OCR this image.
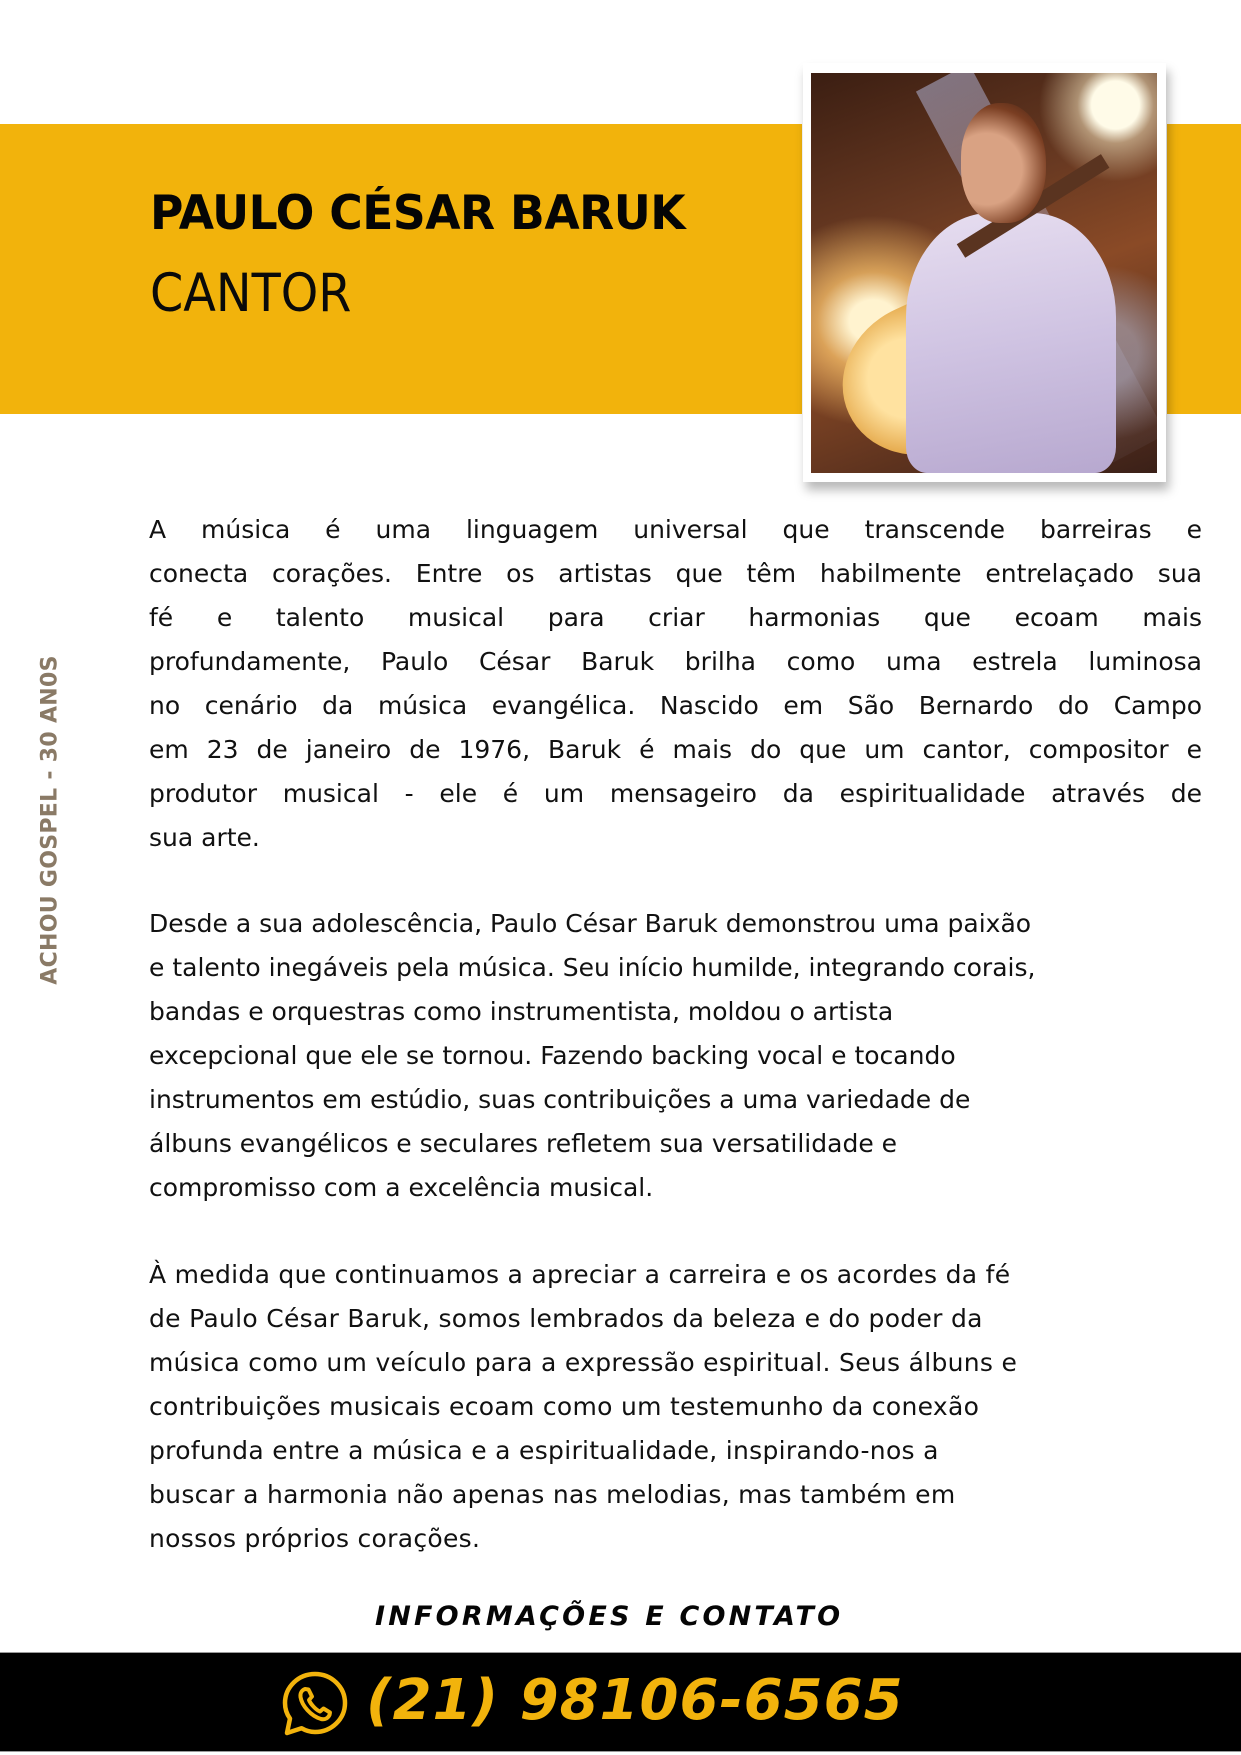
PAULO CÉSAR BARUK
CANTOR
ACHOU GOSPEL - 30 AN0S
A música é uma linguagem universal que transcende barreiras e
conecta corações. Entre os artistas que têm habilmente entrelaçado sua
fé e talento musical para criar harmonias que ecoam mais
profundamente, Paulo César Baruk brilha como uma estrela luminosa
no cenário da música evangélica. Nascido em São Bernardo do Campo
em 23 de janeiro de 1976, Baruk é mais do que um cantor, compositor e
produtor musical - ele é um mensageiro da espiritualidade através de
sua arte.
Desde a sua adolescência, Paulo César Baruk demonstrou uma paixão
e talento inegáveis pela música. Seu início humilde, integrando corais,
bandas e orquestras como instrumentista, moldou o artista
excepcional que ele se tornou. Fazendo backing vocal e tocando
instrumentos em estúdio, suas contribuições a uma variedade de
álbuns evangélicos e seculares refletem sua versatilidade e
compromisso com a excelência musical.
À medida que continuamos a apreciar a carreira e os acordes da fé
de Paulo César Baruk, somos lembrados da beleza e do poder da
música como um veículo para a expressão espiritual. Seus álbuns e
contribuições musicais ecoam como um testemunho da conexão
profunda entre a música e a espiritualidade, inspirando-nos a
buscar a harmonia não apenas nas melodias, mas também em
nossos próprios corações.
INFORMAÇÕES E CONTATO
(21) 98106-6565
